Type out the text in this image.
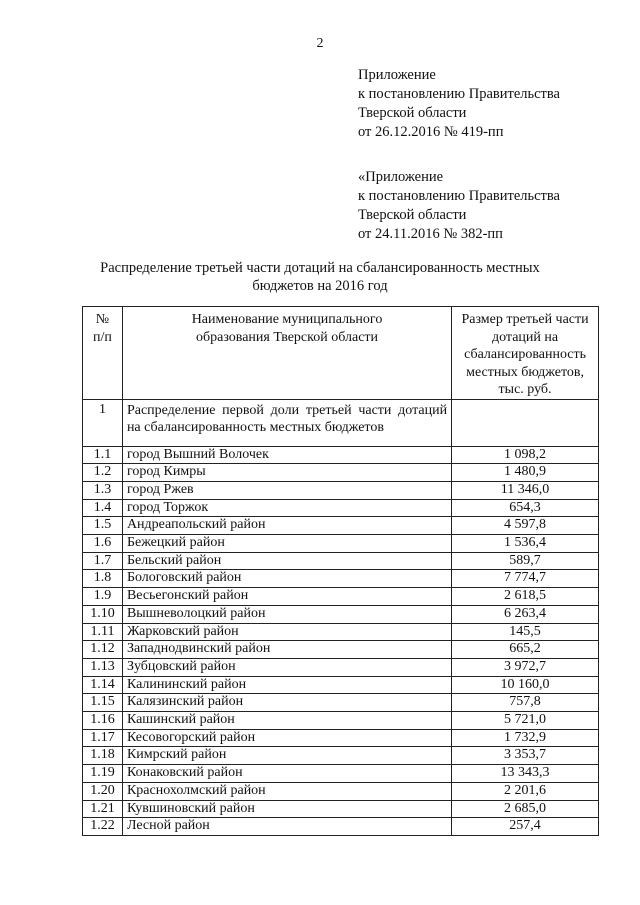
2
Приложение
к постановлению Правительства
Тверской области
от 26.12.2016 № 419-пп
«Приложение
к постановлению Правительства
Тверской области
от 24.11.2016 № 382-пп
Распределение третьей части дотаций на сбалансированность местных бюджетов на 2016 год
№ п/п	Наименование муниципального образования Тверской области	Размер третьей части дотаций на сбалансированность местных бюджетов, тыс. руб.
1	Распределение первой доли третьей части дотаций на сбалансированность местных бюджетов	
1.1	город Вышний Волочек	1 098,2
1.2	город Кимры	1 480,9
1.3	город Ржев	11 346,0
1.4	город Торжок	654,3
1.5	Андреапольский район	4 597,8
1.6	Бежецкий район	1 536,4
1.7	Бельский район	589,7
1.8	Бологовский район	7 774,7
1.9	Весьегонский район	2 618,5
1.10	Вышневолоцкий район	6 263,4
1.11	Жарковский район	145,5
1.12	Западнодвинский район	665,2
1.13	Зубцовский район	3 972,7
1.14	Калининский район	10 160,0
1.15	Калязинский район	757,8
1.16	Кашинский район	5 721,0
1.17	Кесовогорский район	1 732,9
1.18	Кимрский район	3 353,7
1.19	Конаковский район	13 343,3
1.20	Краснохолмский район	2 201,6
1.21	Кувшиновский район	2 685,0
1.22	Лесной район	257,4
